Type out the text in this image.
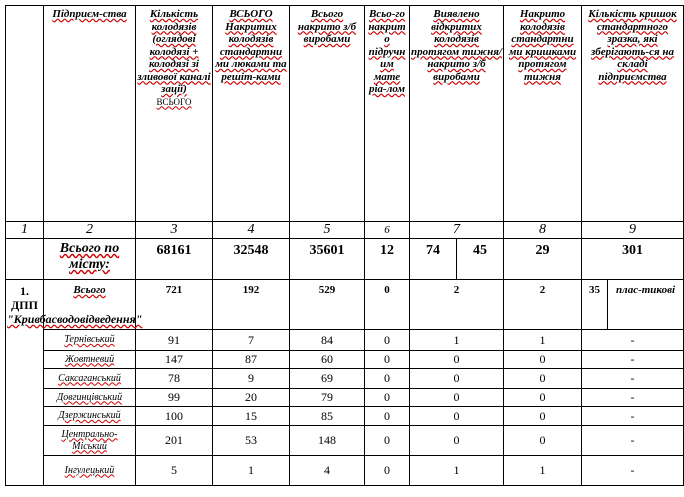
	Підприєм-ства	Кількість колодязів (оглядові колодязі + колодязі зі зливової каналі зації)
ВСЬОГО	ВСЬОГО Накритих колодязів стандартни ми люками та решіт-ками	Всього накрито з/б виробами	Всьо-го накрит о підручн им мате ріа-лом	Виявлено відкритих колодязів протягом тижня/ накрито з/б виробами		Накрито колодязів стандартни ми кришками протягом тижня	Кількість кришок стандартного зразка, які зберігають-ся на складі підприємства	
1	2	3	4	5	6	7		8	9	
	Всього по місту:	68161	32548	35601	12	74	45	29	301	
1. ДПП
"Кривбасводовідведення"	Всього	721	192	529	0	2		2	35	плас-тикові
	Тернівський	91	7	84	0	1		1	-	
	Жовтневий	147	87	60	0	0		0	-	
	Саксаганський	78	9	69	0	0		0	-	
	Довгинцівський	99	20	79	0	0		0	-	
	Дзержинський	100	15	85	0	0		0	-	
	Центрально-Міський	201	53	148	0	0		0	-	
	Інгулецький	5	1	4	0	1		1	-	
